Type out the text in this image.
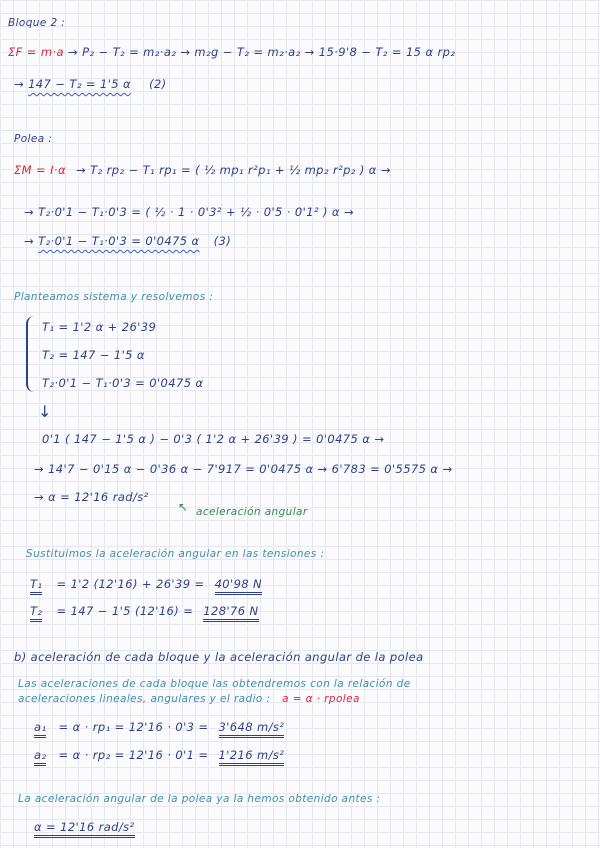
Bloque 2 :
ΣF = m·a → P₂ − T₂ = m₂·a₂ → m₂g − T₂ = m₂·a₂ → 15·9'8 − T₂ = 15 α rp₂
→ 147 − T₂ = 1'5 α (2)
Polea :
ΣM = I·α → T₂ rp₂ − T₁ rp₁ = ( ½ mp₁ r²p₁ + ½ mp₂ r²p₂ ) α →
→ T₂·0'1 − T₁·0'3 = ( ½ · 1 · 0'3² + ½ · 0'5 · 0'1² ) α →
→ T₂·0'1 − T₁·0'3 = 0'0475 α (3)
Planteamos sistema y resolvemos :
T₁ = 1'2 α + 26'39
T₂ = 147 − 1'5 α
T₂·0'1 − T₁·0'3 = 0'0475 α
↓
0'1 ( 147 − 1'5 α ) − 0'3 ( 1'2 α + 26'39 ) = 0'0475 α →
→ 14'7 − 0'15 α − 0'36 α − 7'917 = 0'0475 α → 6'783 = 0'5575 α →
→ α = 12'16 rad/s²
↖ aceleración angular
Sustituimos la aceleración angular en las tensiones :
T₁ = 1'2 (12'16) + 26'39 = 40'98 N
T₂ = 147 − 1'5 (12'16) = 128'76 N
b) aceleración de cada bloque y la aceleración angular de la polea
Las aceleraciones de cada bloque las obtendremos con la relación de
aceleraciones lineales, angulares y el radio : a = α · rpolea
a₁ = α · rp₁ = 12'16 · 0'3 = 3'648 m/s²
a₂ = α · rp₂ = 12'16 · 0'1 = 1'216 m/s²
La aceleración angular de la polea ya la hemos obtenido antes :
α = 12'16 rad/s²
